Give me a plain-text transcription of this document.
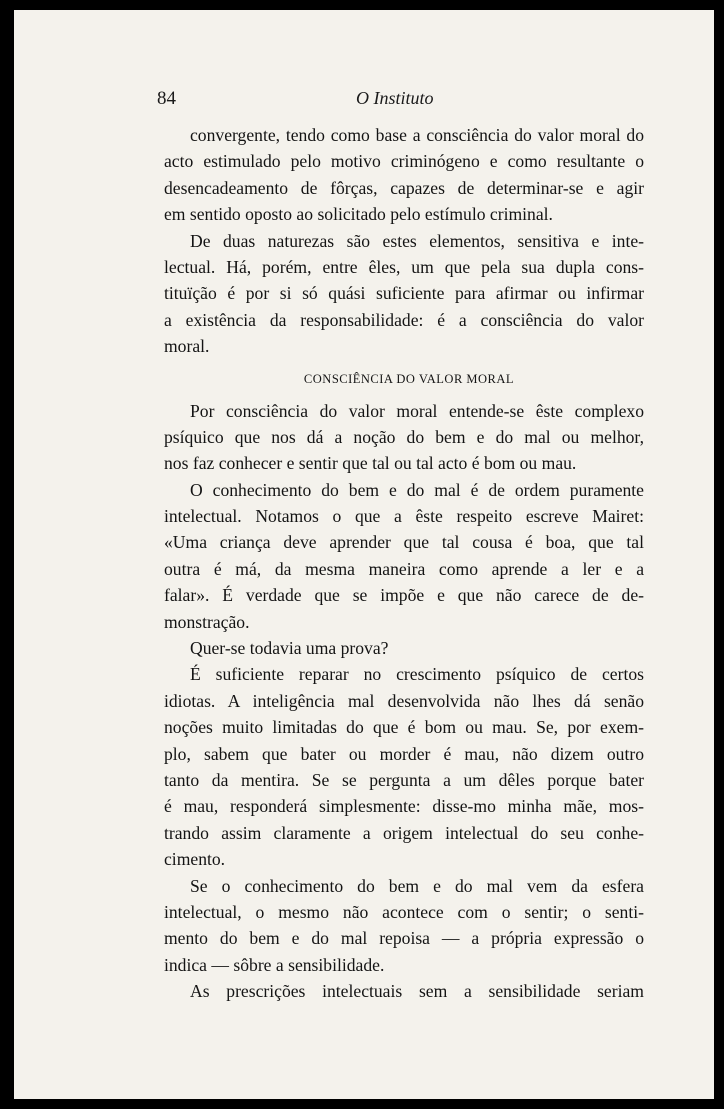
84	O Instituto
convergente, tendo como base a consciência do valor moral do
acto estimulado pelo motivo criminógeno e como resultante o
desencadeamento de fôrças, capazes de determinar-se e agir
em sentido oposto ao solicitado pelo estímulo criminal.
De duas naturezas são estes elementos, sensitiva e inte-
lectual. Há, porém, entre êles, um que pela sua dupla cons-
tituïção é por si só quási suficiente para afirmar ou infirmar
a existência da responsabilidade: é a consciência do valor
moral.
CONSCIÊNCIA DO VALOR MORAL
Por consciência do valor moral entende-se êste complexo
psíquico que nos dá a noção do bem e do mal ou melhor,
nos faz conhecer e sentir que tal ou tal acto é bom ou mau.
O conhecimento do bem e do mal é de ordem puramente
intelectual. Notamos o que a êste respeito escreve Mairet:
«Uma criança deve aprender que tal cousa é boa, que tal
outra é má, da mesma maneira como aprende a ler e a
falar». É verdade que se impõe e que não carece de de-
monstração.
Quer-se todavia uma prova?
É suficiente reparar no crescimento psíquico de certos
idiotas. A inteligência mal desenvolvida não lhes dá senão
noções muito limitadas do que é bom ou mau. Se, por exem-
plo, sabem que bater ou morder é mau, não dizem outro
tanto da mentira. Se se pergunta a um dêles porque bater
é mau, responderá simplesmente: disse-mo minha mãe, mos-
trando assim claramente a origem intelectual do seu conhe-
cimento.
Se o conhecimento do bem e do mal vem da esfera
intelectual, o mesmo não acontece com o sentir; o senti-
mento do bem e do mal repoisa — a própria expressão o
indica — sôbre a sensibilidade.
As prescrições intelectuais sem a sensibilidade seriam
